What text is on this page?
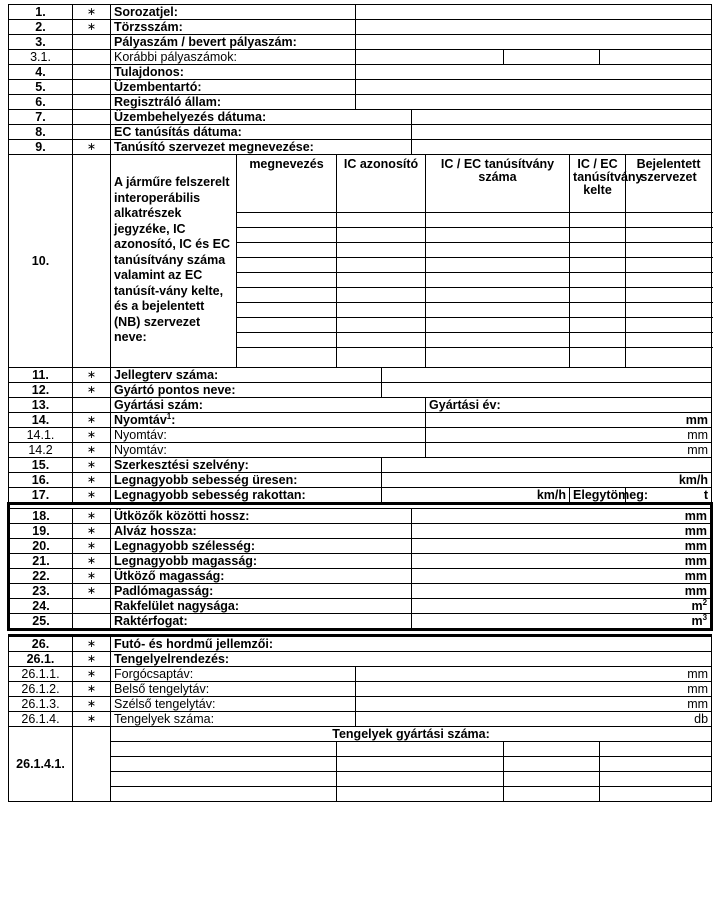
1.	∗	Sorozatjel:										
2.	∗	Törzsszám:										
3.		Pályaszám / bevert pályaszám:										
3.1.		Korábbi pályaszámok:										
4.		Tulajdonos:										
5.		Üzembentartó:										
6.		Regisztráló állam:										
7.		Üzembehelyezés dátuma:										
8.		EC tanúsítás dátuma:										
9.	∗	Tanúsító szervezet megnevezése:										
10.		A járműre felszerelt interoperábilis alkatrészek jegyzéke, IC azonosító, IC és EC tanúsítvány száma valamint az EC tanúsít-vány kelte, és a bejelentett (NB) szervezet neve:	megnevezés	IC azonosító				IC / EC tanúsítvány száma		IC / EC tanúsítvány kelte		Bejelentett szervezet

11.	∗	Jellegterv száma:										
12.	∗	Gyártó pontos neve:										
13.		Gyártási szám:						Gyártási év:				
14.	∗	Nyomtáv$^1$:						mm				
14.1.	∗	Nyomtáv:						mm				
14.2	∗	Nyomtáv:						mm				
15.	∗	Szerkesztési szelvény:										
16.	∗	Legnagyobb sebesség üresen:				km/h						
17.	∗	Legnagyobb sebesség rakottan:				km/h				Elegytömeg:		t

18.	∗	Ütközők közötti hossz:					mm					
19.	∗	Alváz hossza:					mm					
20.	∗	Legnagyobb szélesség:					mm					
21.	∗	Legnagyobb magasság:					mm					
22.	∗	Ütköző magasság:					mm					
23.	∗	Padlómagasság:					mm					
24.		Rakfelület nagysága:					$m^2$
25.		Raktérfogat:					$m^3$

26.	∗	Futó- és hordmű jellemzői:										
26.1.	∗	Tengelyelrendezés:										
26.1.1.	∗	Forgócsaptáv:			mm							
26.1.2.	∗	Belső tengelytáv:			mm							
26.1.3.	∗	Szélső tengelytáv:			mm							
26.1.4.	∗	Tengelyek száma:			db							
26.1.4.1.		Tengelyek gyártási száma:										
